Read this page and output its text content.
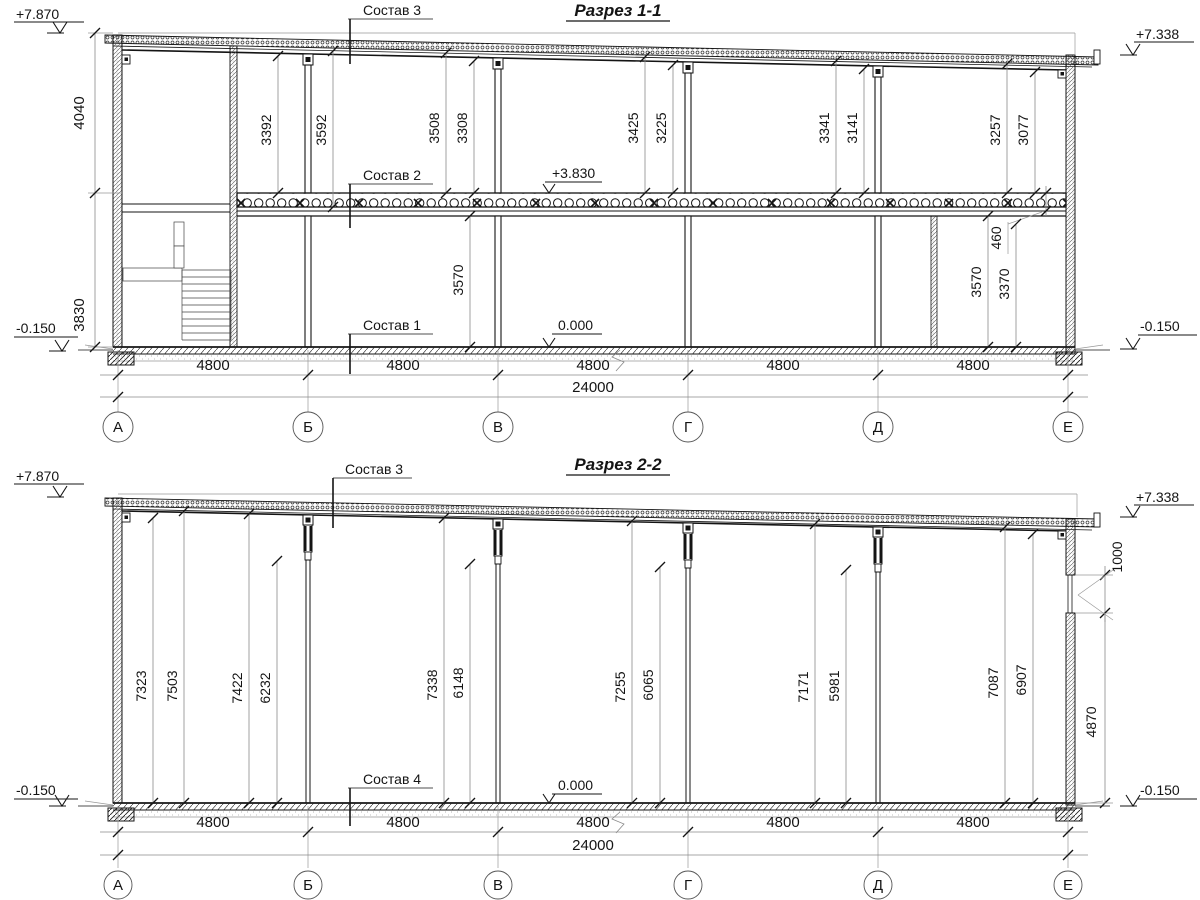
Разрез 1-1
+7.870
+7.338
-0.150	-0.150
+3.830
0.000
Состав 3
Состав 2
Состав 1
4040
3830
3392	3592	3508 3308	3425 3225	3341 3141	3257 3077
3570
460
3570 3370
4800	4800	4800	4800	4800
24000
А	Б	В	Г	Д	Е
Разрез 2-2
+7.870
+7.338
-0.150	-0.150
0.000
Состав 3
Состав 4
7323 7503	7422 6232	7338 6148	7255 6065	7171 5981	7087 6907
1000
4870
4800	4800	4800	4800	4800
24000
А	Б	В	Г	Д	Е
